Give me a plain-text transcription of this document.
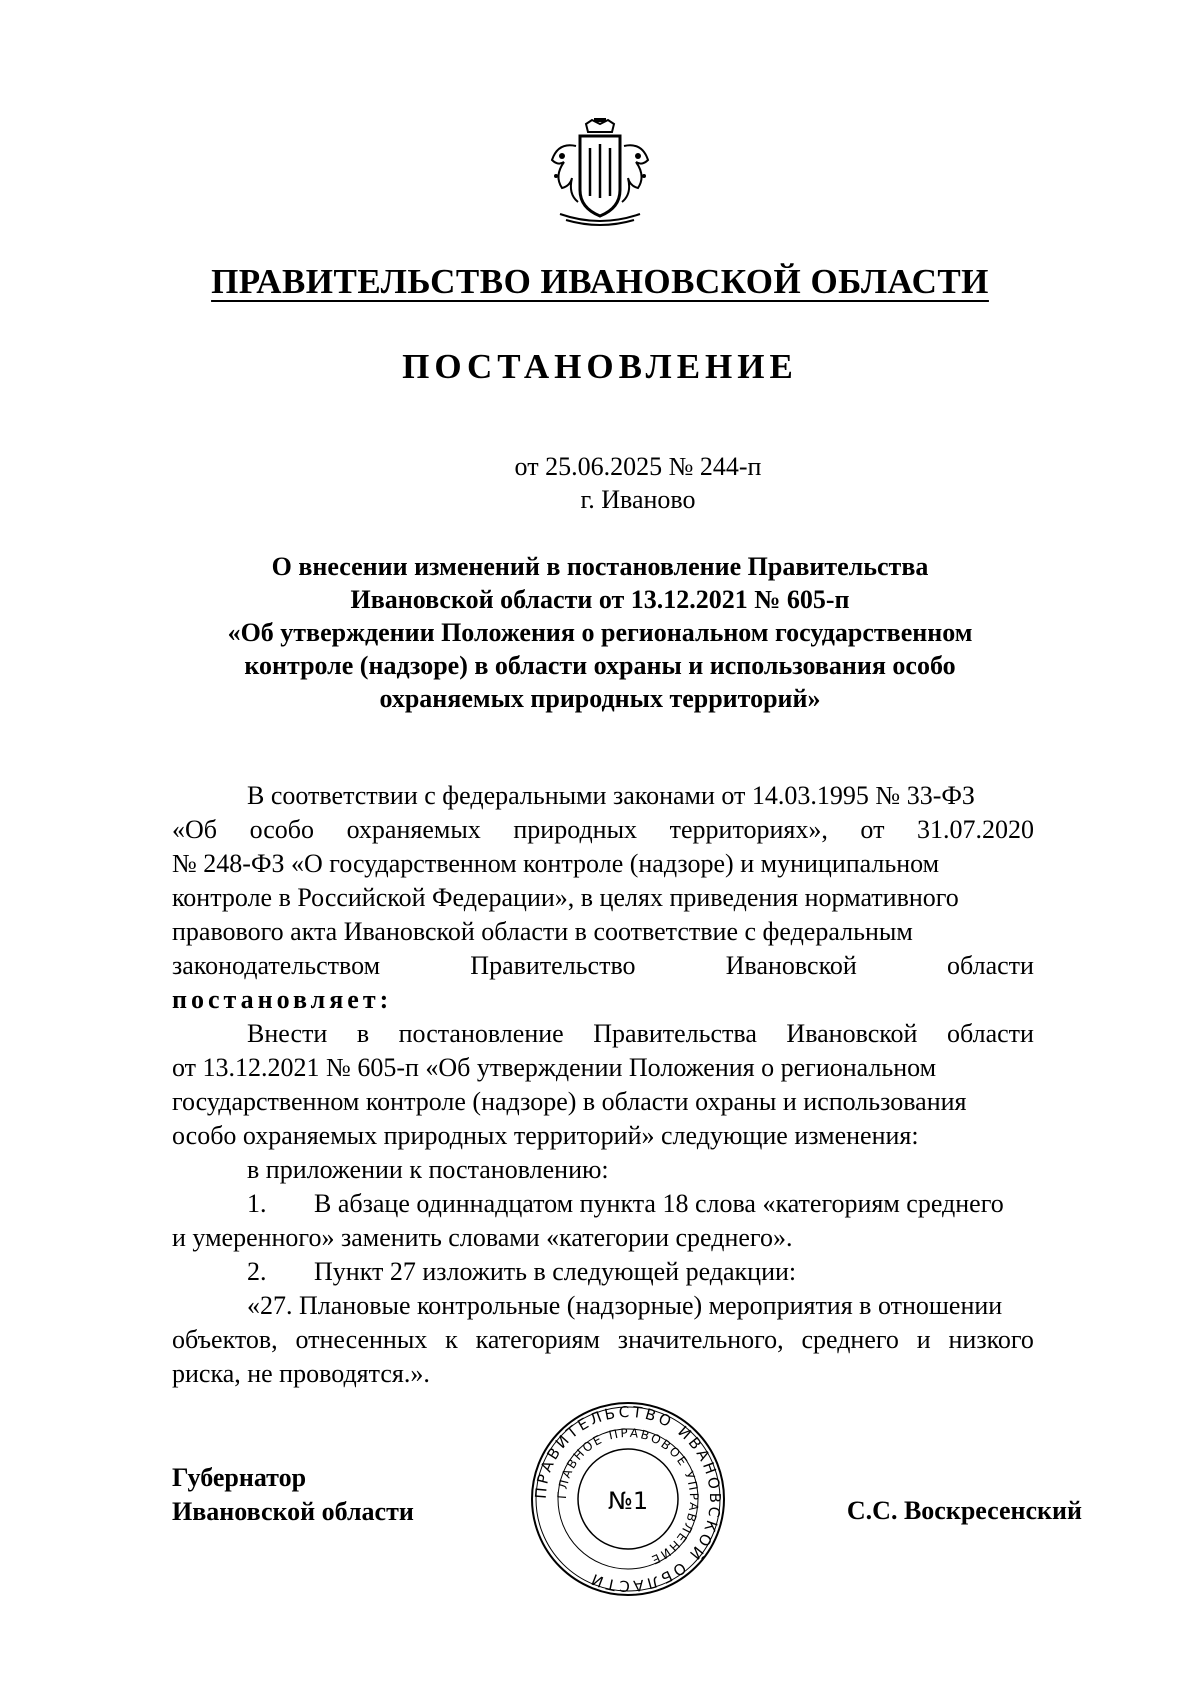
ПРАВИТЕЛЬСТВО ИВАНОВСКОЙ ОБЛАСТИ
ПОСТАНОВЛЕНИЕ
от 25.06.2025 № 244-п
г. Иваново
О внесении изменений в постановление Правительства
Ивановской области от 13.12.2021 № 605-п
«Об утверждении Положения о региональном государственном
контроле (надзоре) в области охраны и использования особо
охраняемых природных территорий»
В соответствии с федеральными законами от 14.03.1995 № 33-ФЗ
«Об особо охраняемых природных территориях», от 31.07.2020
№ 248-ФЗ «О государственном контроле (надзоре) и муниципальном
контроле в Российской Федерации», в целях приведения нормативного
правового акта Ивановской области в соответствие с федеральным
законодательством	Правительство	Ивановской	области
постановляет:
Внести в постановление Правительства Ивановской области
от 13.12.2021 № 605-п «Об утверждении Положения о региональном
государственном контроле (надзоре) в области охраны и использования
особо охраняемых природных территорий» следующие изменения:
в приложении к постановлению:
1. В абзаце одиннадцатом пункта 18 слова «категориям среднего
и умеренного» заменить словами «категории среднего».
2. Пункт 27 изложить в следующей редакции:
«27. Плановые контрольные (надзорные) мероприятия в отношении
объектов, отнесенных к категориям значительного, среднего и низкого
риска, не проводятся.».
Губернатор
Ивановской области	С.С. Воскресенский
ПРАВИТЕЛЬСТВО ИВАНОВСКОЙ ОБЛАСТИ
ГЛАВНОЕ ПРАВОВОЕ УПРАВЛЕНИЕ
№1
